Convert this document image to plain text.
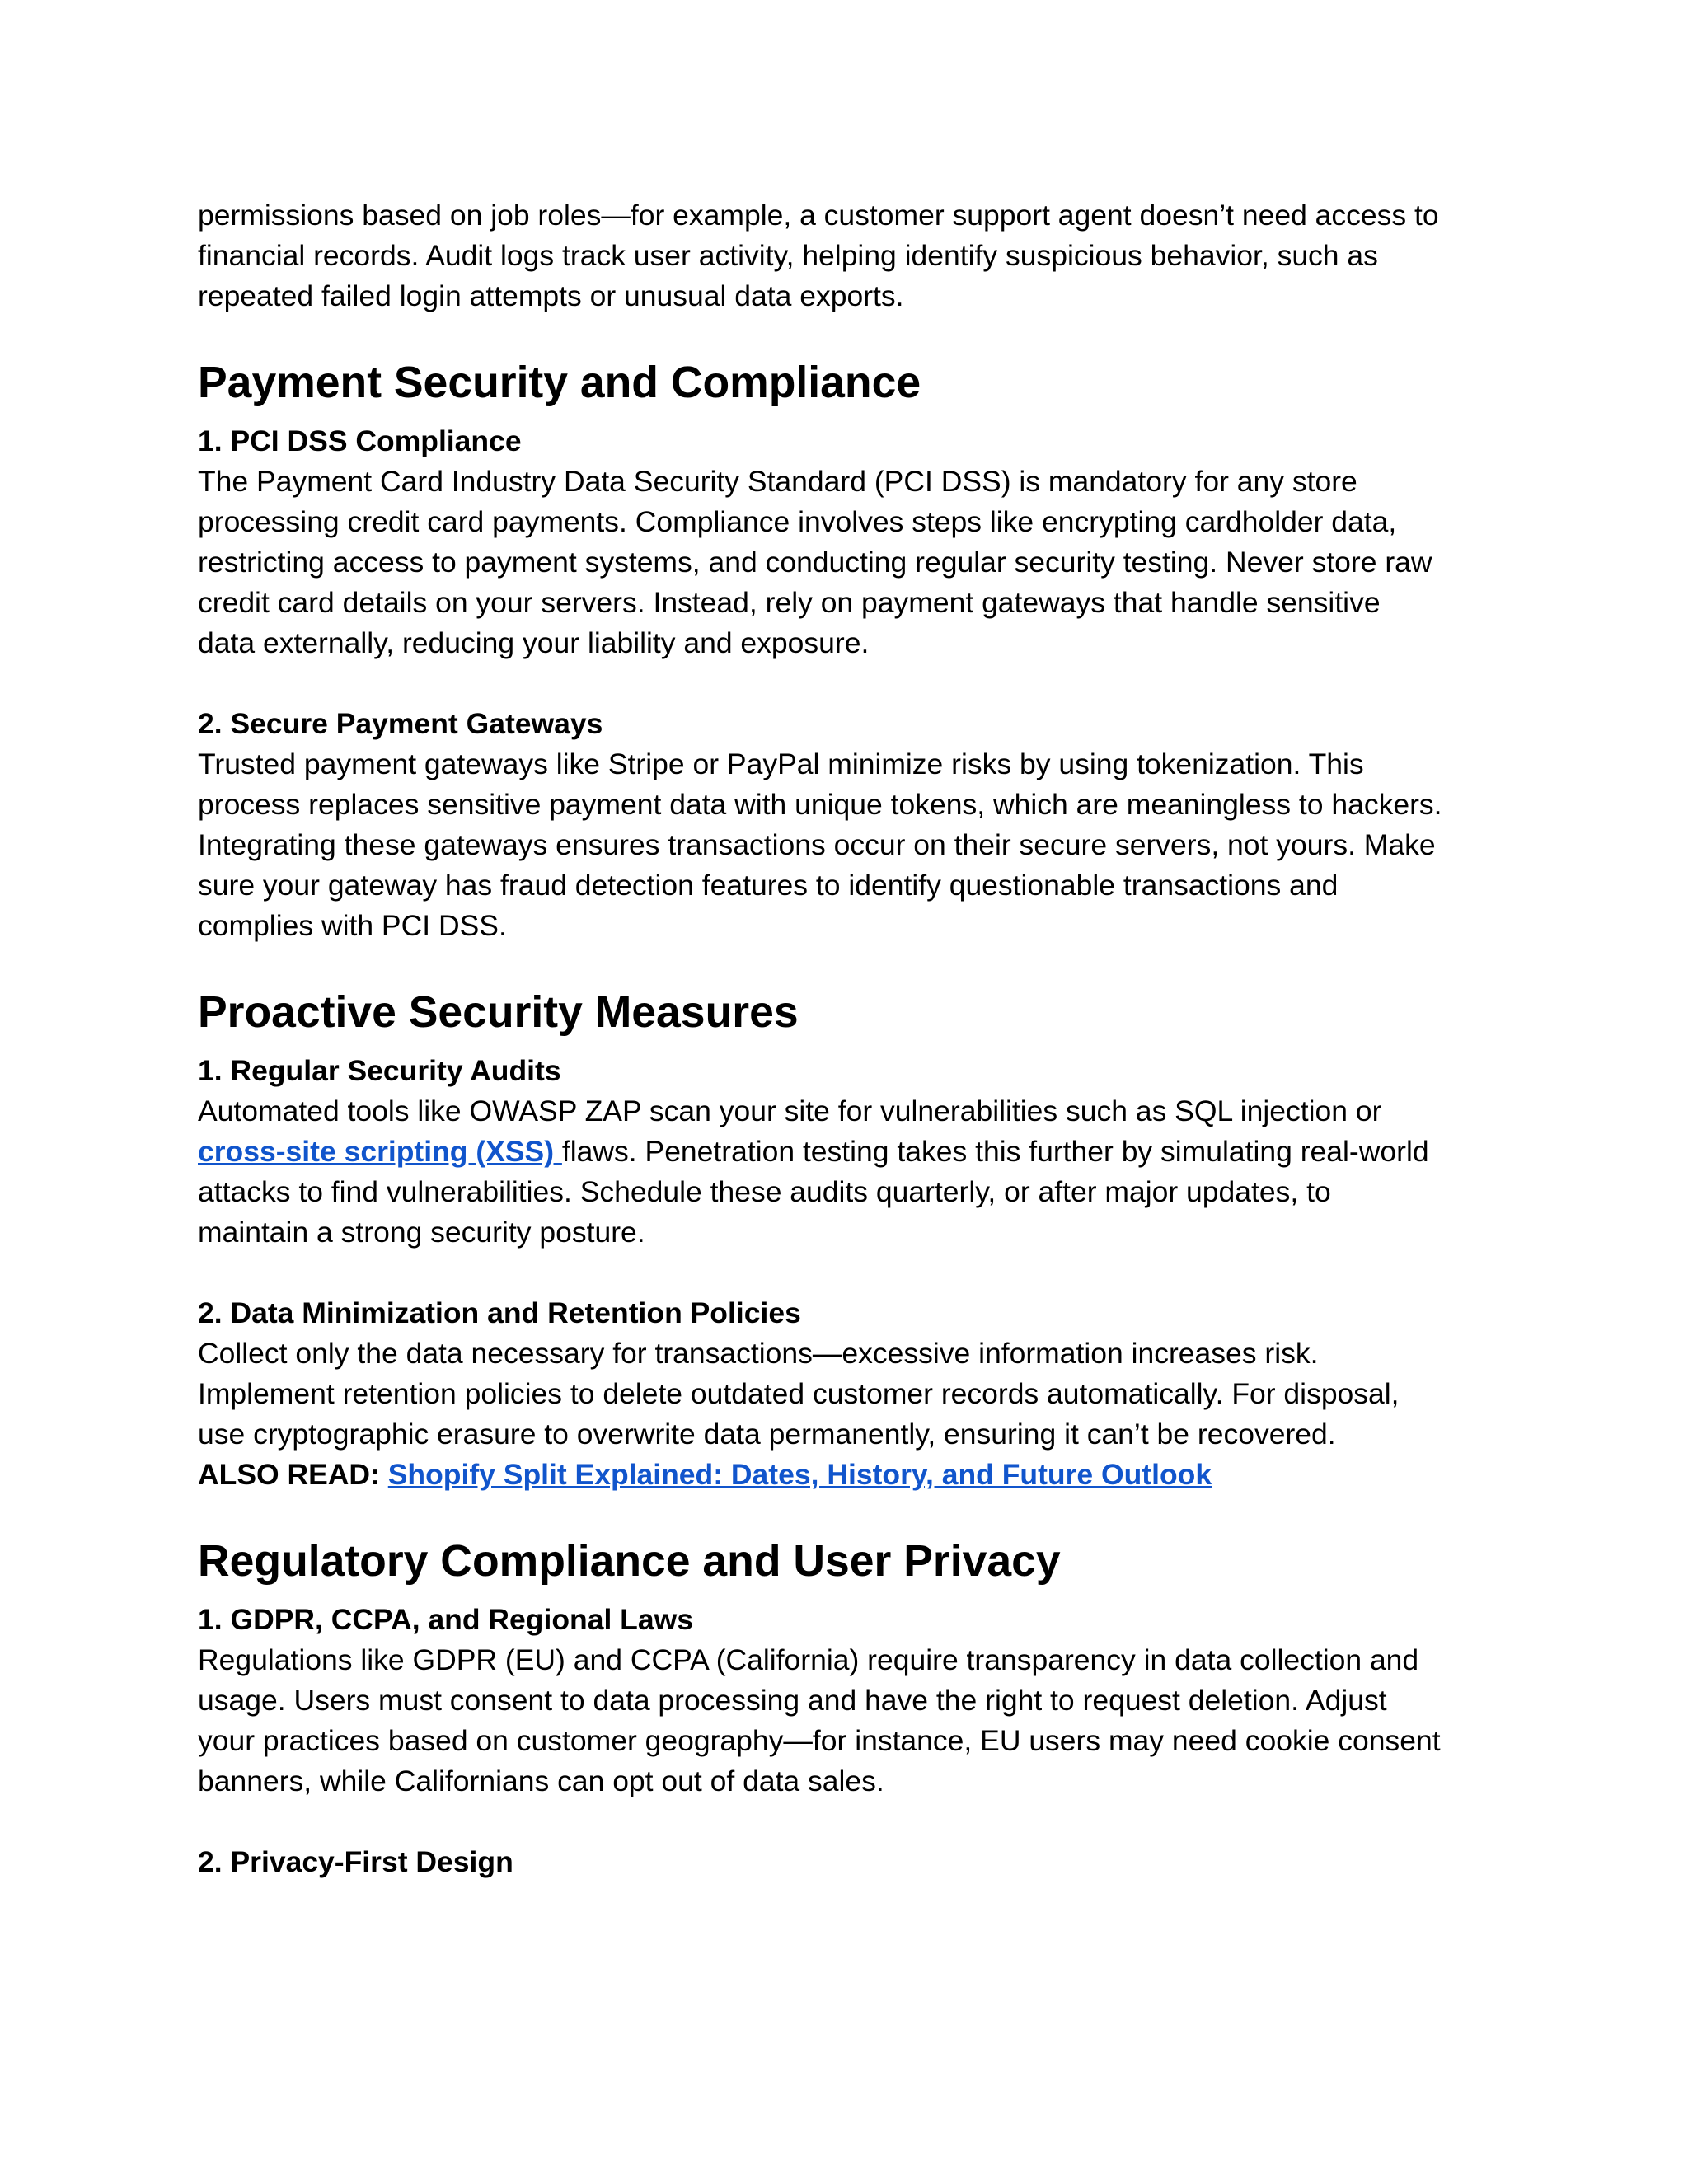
permissions based on job roles—for example, a customer support agent doesn’t need access to
financial records. Audit logs track user activity, helping identify suspicious behavior, such as
repeated failed login attempts or unusual data exports.

Payment Security and Compliance
1. PCI DSS Compliance

The Payment Card Industry Data Security Standard (PCI DSS) is mandatory for any store
processing credit card payments. Compliance involves steps like encrypting cardholder data,
restricting access to payment systems, and conducting regular security testing. Never store raw
credit card details on your servers. Instead, rely on payment gateways that handle sensitive
data externally, reducing your liability and exposure.

2. Secure Payment Gateways

Trusted payment gateways like Stripe or PayPal minimize risks by using tokenization. This
process replaces sensitive payment data with unique tokens, which are meaningless to hackers.
Integrating these gateways ensures transactions occur on their secure servers, not yours. Make
sure your gateway has fraud detection features to identify questionable transactions and
complies with PCI DSS.

Proactive Security Measures
1. Regular Security Audits

Automated tools like OWASP ZAP scan your site for vulnerabilities such as SQL injection or
cross-site scripting (XSS) flaws. Penetration testing takes this further by simulating real-world
attacks to find vulnerabilities. Schedule these audits quarterly, or after major updates, to
maintain a strong security posture.

2. Data Minimization and Retention Policies

Collect only the data necessary for transactions—excessive information increases risk.
Implement retention policies to delete outdated customer records automatically. For disposal,
use cryptographic erasure to overwrite data permanently, ensuring it can’t be recovered.
ALSO READ: Shopify Split Explained: Dates, History, and Future Outlook

Regulatory Compliance and User Privacy
1. GDPR, CCPA, and Regional Laws

Regulations like GDPR (EU) and CCPA (California) require transparency in data collection and
usage. Users must consent to data processing and have the right to request deletion. Adjust
your practices based on customer geography—for instance, EU users may need cookie consent
banners, while Californians can opt out of data sales.

2. Privacy-First Design
